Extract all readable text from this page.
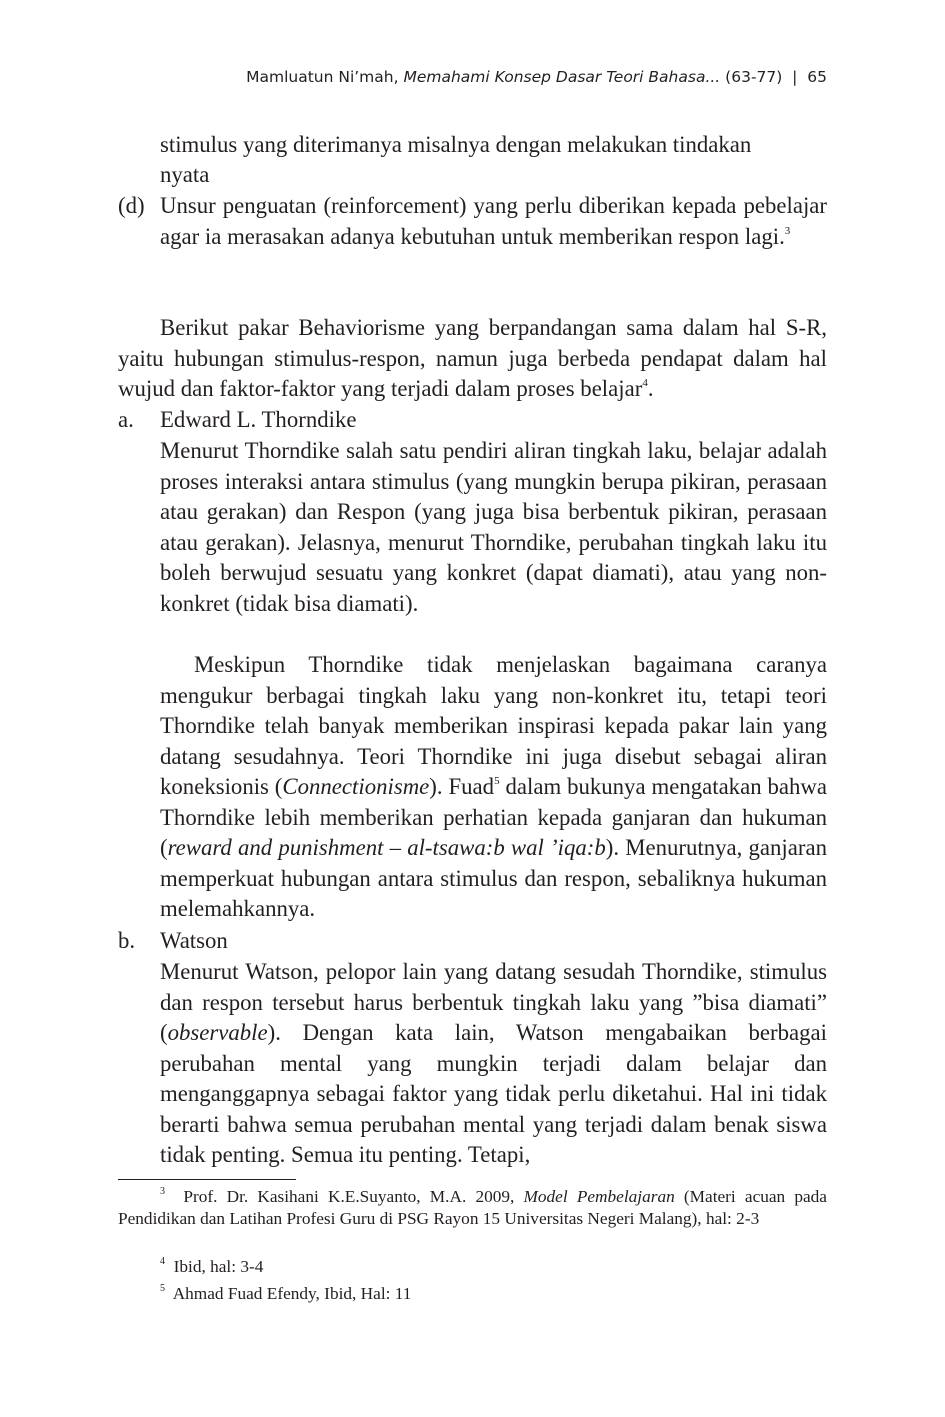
Mamluatun Ni’mah, Memahami Konsep Dasar Teori Bahasa... (63-77) | 65
stimulus yang diterimanya misalnya dengan melakukan tindakan
nyata
(d) Unsur penguatan (reinforcement) yang perlu diberikan kepada pebelajar agar ia merasakan adanya kebutuhan untuk memberikan respon lagi.$^3$
Berikut pakar Behaviorisme yang berpandangan sama dalam hal S-R, yaitu hubungan stimulus-respon, namun juga berbeda pendapat dalam hal wujud dan faktor-faktor yang terjadi dalam proses belajar$^4$.
a. Edward L. Thorndike
Menurut Thorndike salah satu pendiri aliran tingkah laku, belajar adalah proses interaksi antara stimulus (yang mungkin berupa pikiran, perasaan atau gerakan) dan Respon (yang juga bisa berbentuk pikiran, perasaan atau gerakan). Jelasnya, menurut Thorndike, perubahan tingkah laku itu boleh berwujud sesuatu yang konkret (dapat diamati), atau yang non-konkret (tidak bisa diamati).
Meskipun Thorndike tidak menjelaskan bagaimana caranya mengukur berbagai tingkah laku yang non-konkret itu, tetapi teori Thorndike telah banyak memberikan inspirasi kepada pakar lain yang datang sesudahnya. Teori Thorndike ini juga disebut sebagai aliran koneksionis (Connectionisme). Fuad$^5$ dalam bukunya mengatakan bahwa Thorndike lebih memberikan perhatian kepada ganjaran dan hukuman (reward and punishment – al-tsawa:b wal ’iqa:b). Menurutnya, ganjaran memperkuat hubungan antara stimulus dan respon, sebaliknya hukuman melemahkannya.
b. Watson
Menurut Watson, pelopor lain yang datang sesudah Thorndike, stimulus dan respon tersebut harus berbentuk tingkah laku yang ”bisa diamati” (observable). Dengan kata lain, Watson mengabaikan berbagai perubahan mental yang mungkin terjadi dalam belajar dan menganggapnya sebagai faktor yang tidak perlu diketahui. Hal ini tidak berarti bahwa semua perubahan mental yang terjadi dalam benak siswa tidak penting. Semua itu penting. Tetapi,
$^3$ Prof. Dr. Kasihani K.E.Suyanto, M.A. 2009, Model Pembelajaran (Materi acuan pada Pendidikan dan Latihan Profesi Guru di PSG Rayon 15 Universitas Negeri Malang), hal: 2-3
$^4$ Ibid, hal: 3-4
$^5$ Ahmad Fuad Efendy, Ibid, Hal: 11
